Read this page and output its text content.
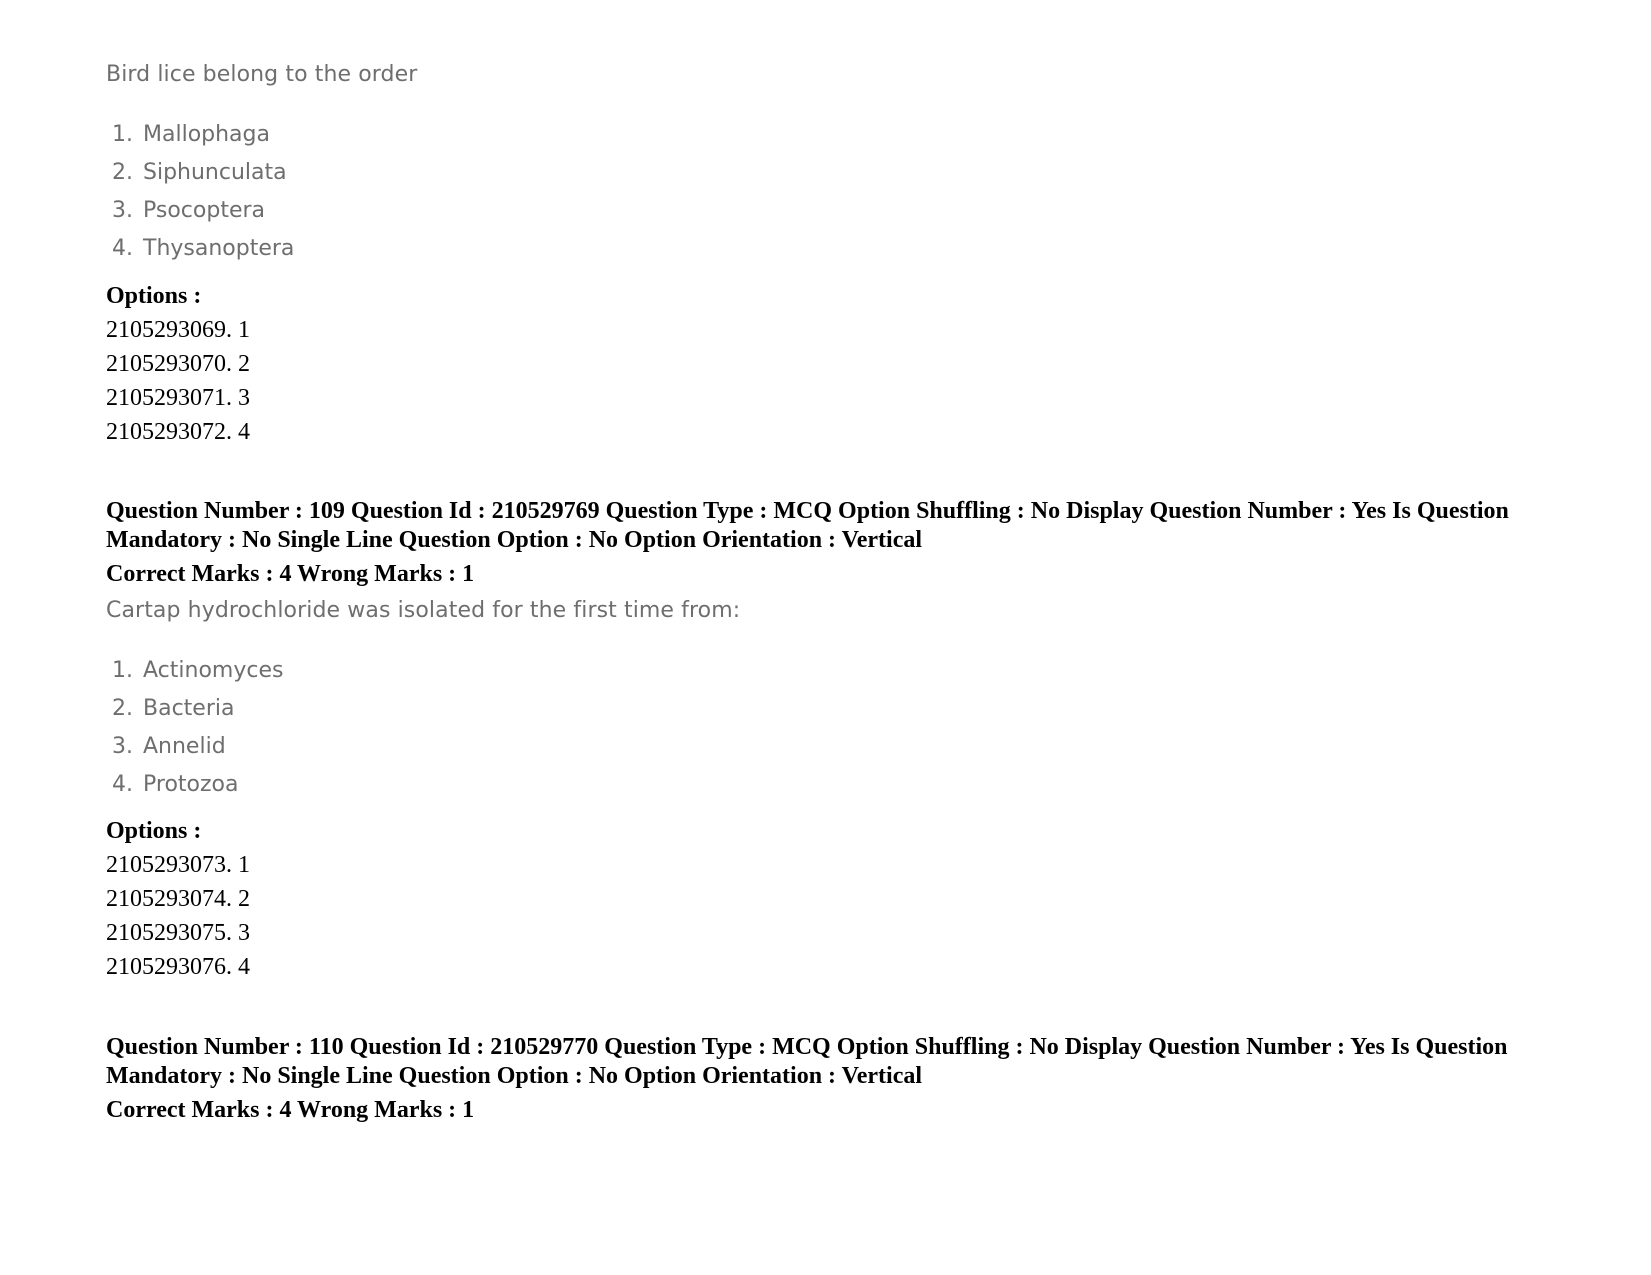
Bird lice belong to the order
1. Mallophaga
2. Siphunculata
3. Psocoptera
4. Thysanoptera
Options :
2105293069. 1
2105293070. 2
2105293071. 3
2105293072. 4
Question Number : 109 Question Id : 210529769 Question Type : MCQ Option Shuffling : No Display Question Number : Yes Is Question Mandatory : No Single Line Question Option : No Option Orientation : Vertical
Correct Marks : 4 Wrong Marks : 1
Cartap hydrochloride was isolated for the first time from:
1. Actinomyces
2. Bacteria
3. Annelid
4. Protozoa
Options :
2105293073. 1
2105293074. 2
2105293075. 3
2105293076. 4
Question Number : 110 Question Id : 210529770 Question Type : MCQ Option Shuffling : No Display Question Number : Yes Is Question Mandatory : No Single Line Question Option : No Option Orientation : Vertical
Correct Marks : 4 Wrong Marks : 1
